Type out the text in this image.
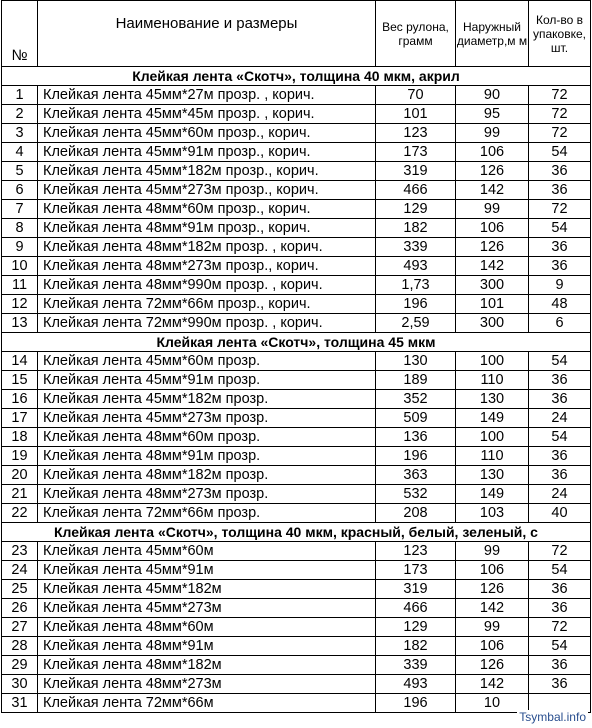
№	Наименование и размеры	Вес рулона, грамм	Наружный диаметр,м м	Кол-во в упаковке, шт.
Клейкая лента «Скотч», толщина 40 мкм, акрил				
1	Клейкая лента 45мм*27м прозр. , корич.	70	90	72
2	Клейкая лента 45мм*45м прозр. , корич.	101	95	72
3	Клейкая лента 45мм*60м прозр., корич.	123	99	72
4	Клейкая лента 45мм*91м прозр., корич.	173	106	54
5	Клейкая лента 45мм*182м прозр., корич.	319	126	36
6	Клейкая лента 45мм*273м прозр., корич.	466	142	36
7	Клейкая лента 48мм*60м прозр., корич.	129	99	72
8	Клейкая лента 48мм*91м прозр., корич.	182	106	54
9	Клейкая лента 48мм*182м прозр. , корич.	339	126	36
10	Клейкая лента 48мм*273м прозр., корич.	493	142	36
11	Клейкая лента 48мм*990м прозр. , корич.	1,73	300	9
12	Клейкая лента 72мм*66м прозр., корич.	196	101	48
13	Клейкая лента 72мм*990м прозр. , корич.	2,59	300	6
Клейкая лента «Скотч», толщина 45 мкм				
14	Клейкая лента 45мм*60м прозр.	130	100	54
15	Клейкая лента 45мм*91м прозр.	189	110	36
16	Клейкая лента 45мм*182м прозр.	352	130	36
17	Клейкая лента 45мм*273м прозр.	509	149	24
18	Клейкая лента 48мм*60м прозр.	136	100	54
19	Клейкая лента 48мм*91м прозр.	196	110	36
20	Клейкая лента 48мм*182м прозр.	363	130	36
21	Клейкая лента 48мм*273м прозр.	532	149	24
22	Клейкая лента 72мм*66м прозр.	208	103	40
Клейкая лента «Скотч», толщина 40 мкм, красный, белый, зеленый, с				
23	Клейкая лента 45мм*60м	123	99	72
24	Клейкая лента 45мм*91м	173	106	54
25	Клейкая лента 45мм*182м	319	126	36
26	Клейкая лента 45мм*273м	466	142	36
27	Клейкая лента 48мм*60м	129	99	72
28	Клейкая лента 48мм*91м	182	106	54
29	Клейкая лента 48мм*182м	339	126	36
30	Клейкая лента 48мм*273м	493	142	36
31	Клейкая лента 72мм*66м	196	10	
Tsymbal.info
